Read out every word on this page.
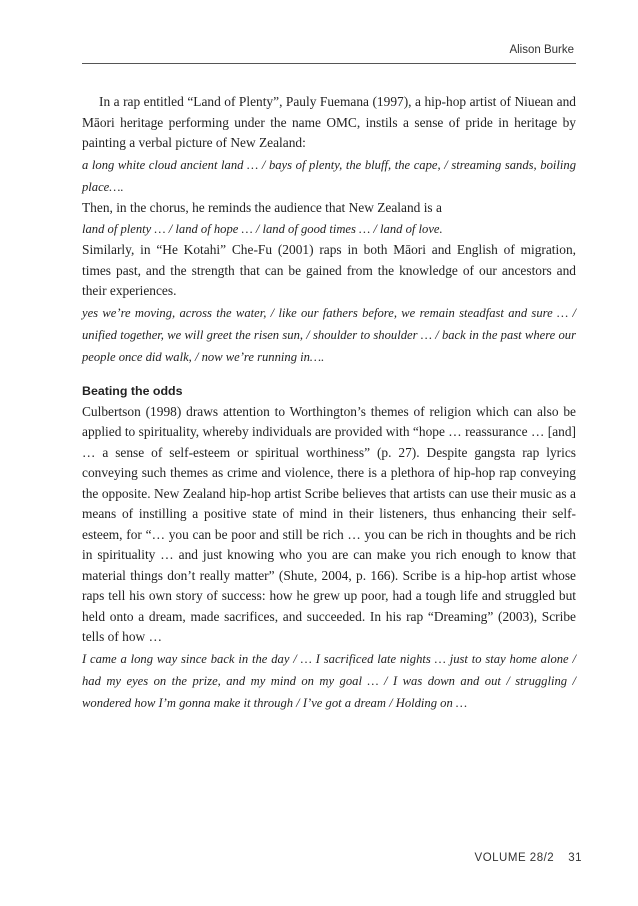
Alison Burke

In a rap entitled “Land of Plenty”, Pauly Fuemana (1997), a hip-hop artist of Niuean and Māori heritage performing under the name OMC, instils a sense of pride in heritage by painting a verbal picture of New Zealand:

a long white cloud ancient land … / bays of plenty, the bluff, the cape, / streaming sands, boiling place….

Then, in the chorus, he reminds the audience that New Zealand is a

land of plenty … / land of hope … / land of good times … / land of love.

Similarly, in “He Kotahi” Che-Fu (2001) raps in both Māori and English of migration, times past, and the strength that can be gained from the knowledge of our ancestors and their experiences.

yes we’re moving, across the water, / like our fathers before, we remain steadfast and sure … / unified together, we will greet the risen sun, / shoulder to shoulder … / back in the past where our people once did walk, / now we’re running in….

Beating the odds

Culbertson (1998) draws attention to Worthington’s themes of religion which can also be applied to spirituality, whereby individuals are provided with “hope … reassurance … [and] … a sense of self-esteem or spiritual worthiness” (p. 27). Despite gangsta rap lyrics conveying such themes as crime and violence, there is a plethora of hip-hop rap conveying the opposite. New Zealand hip-hop artist Scribe believes that artists can use their music as a means of instilling a positive state of mind in their listeners, thus enhancing their self-esteem, for “… you can be poor and still be rich … you can be rich in thoughts and be rich in spirituality … and just knowing who you are can make you rich enough to know that material things don’t really matter” (Shute, 2004, p. 166). Scribe is a hip-hop artist whose raps tell his own story of success: how he grew up poor, had a tough life and struggled but held onto a dream, made sacrifices, and succeeded. In his rap “Dreaming” (2003), Scribe tells of how …

I came a long way since back in the day / … I sacrificed late nights … just to stay home alone / had my eyes on the prize, and my mind on my goal … / I was down and out / struggling / wondered how I’m gonna make it through / I’ve got a dream / Holding on …

VOLUME 28/2 31
